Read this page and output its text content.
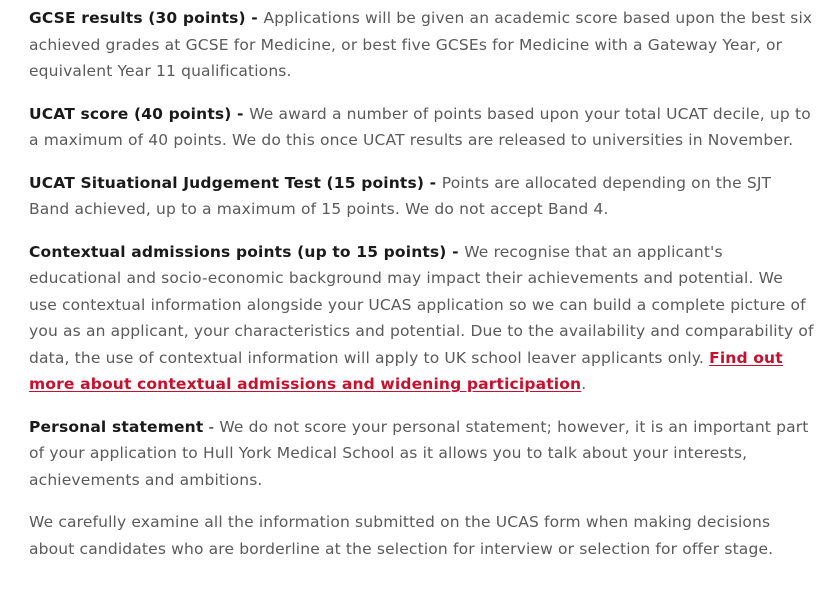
GCSE results (30 points) - Applications will be given an academic score based upon the best six achieved grades at GCSE for Medicine, or best five GCSEs for Medicine with a Gateway Year, or equivalent Year 11 qualifications.

UCAT score (40 points) - We award a number of points based upon your total UCAT decile, up to a maximum of 40 points. We do this once UCAT results are released to universities in November.

UCAT Situational Judgement Test (15 points) - Points are allocated depending on the SJT Band achieved, up to a maximum of 15 points. We do not accept Band 4.

Contextual admissions points (up to 15 points) - We recognise that an applicant's educational and socio-economic background may impact their achievements and potential. We use contextual information alongside your UCAS application so we can build a complete picture of you as an applicant, your characteristics and potential. Due to the availability and comparability of data, the use of contextual information will apply to UK school leaver applicants only. Find out more about contextual admissions and widening participation.

Personal statement - We do not score your personal statement; however, it is an important part of your application to Hull York Medical School as it allows you to talk about your interests, achievements and ambitions.

We carefully examine all the information submitted on the UCAS form when making decisions about candidates who are borderline at the selection for interview or selection for offer stage.
